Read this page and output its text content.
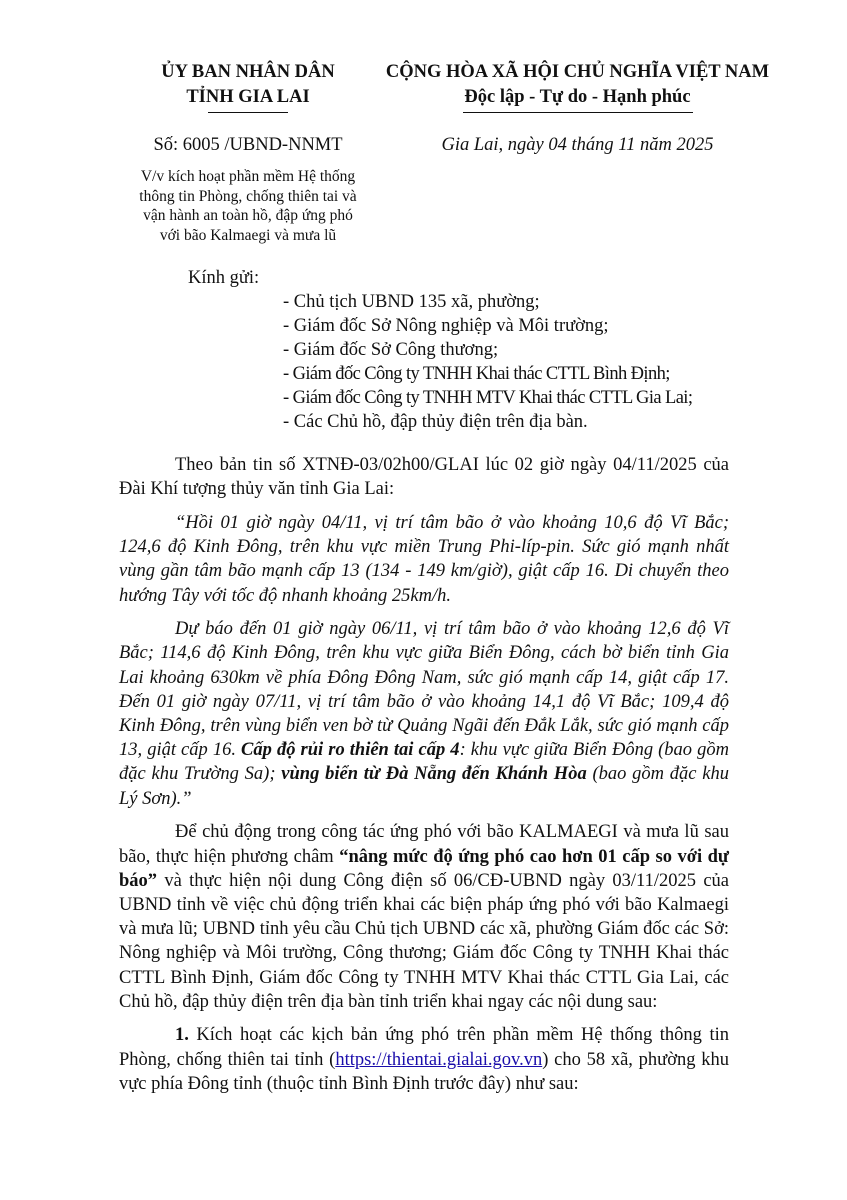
ỦY BAN NHÂN DÂN
TỈNH GIA LAI
CỘNG HÒA XÃ HỘI CHỦ NGHĨA VIỆT NAM
Độc lập - Tự do - Hạnh phúc
Số: 6005 /UBND-NNMT	Gia Lai, ngày 04 tháng 11 năm 2025
V/v kích hoạt phần mềm Hệ thống
thông tin Phòng, chống thiên tai và
vận hành an toàn hồ, đập ứng phó
với bão Kalmaegi và mưa lũ
Kính gửi:
- Chủ tịch UBND 135 xã, phường;
- Giám đốc Sở Nông nghiệp và Môi trường;
- Giám đốc Sở Công thương;
- Giám đốc Công ty TNHH Khai thác CTTL Bình Định;
- Giám đốc Công ty TNHH MTV Khai thác CTTL Gia Lai;
- Các Chủ hồ, đập thủy điện trên địa bàn.

Theo bản tin số XTNĐ-03/02h00/GLAI lúc 02 giờ ngày 04/11/2025 của Đài Khí tượng thủy văn tỉnh Gia Lai:

“Hồi 01 giờ ngày 04/11, vị trí tâm bão ở vào khoảng 10,6 độ Vĩ Bắc; 124,6 độ Kinh Đông, trên khu vực miền Trung Phi-líp-pin. Sức gió mạnh nhất vùng gần tâm bão mạnh cấp 13 (134 - 149 km/giờ), giật cấp 16. Di chuyển theo hướng Tây với tốc độ nhanh khoảng 25km/h.

Dự báo đến 01 giờ ngày 06/11, vị trí tâm bão ở vào khoảng 12,6 độ Vĩ Bắc; 114,6 độ Kinh Đông, trên khu vực giữa Biển Đông, cách bờ biển tỉnh Gia Lai khoảng 630km về phía Đông Đông Nam, sức gió mạnh cấp 14, giật cấp 17. Đến 01 giờ ngày 07/11, vị trí tâm bão ở vào khoảng 14,1 độ Vĩ Bắc; 109,4 độ Kinh Đông, trên vùng biển ven bờ từ Quảng Ngãi đến Đắk Lắk, sức gió mạnh cấp 13, giật cấp 16. Cấp độ rủi ro thiên tai cấp 4: khu vực giữa Biển Đông (bao gồm đặc khu Trường Sa); vùng biển từ Đà Nẵng đến Khánh Hòa (bao gồm đặc khu Lý Sơn).”

Để chủ động trong công tác ứng phó với bão KALMAEGI và mưa lũ sau bão, thực hiện phương châm “nâng mức độ ứng phó cao hơn 01 cấp so với dự báo” và thực hiện nội dung Công điện số 06/CĐ-UBND ngày 03/11/2025 của UBND tỉnh về việc chủ động triển khai các biện pháp ứng phó với bão Kalmaegi và mưa lũ; UBND tỉnh yêu cầu Chủ tịch UBND các xã, phường Giám đốc các Sở: Nông nghiệp và Môi trường, Công thương; Giám đốc Công ty TNHH Khai thác CTTL Bình Định, Giám đốc Công ty TNHH MTV Khai thác CTTL Gia Lai, các Chủ hồ, đập thủy điện trên địa bàn tỉnh triển khai ngay các nội dung sau:

1. Kích hoạt các kịch bản ứng phó trên phần mềm Hệ thống thông tin Phòng, chống thiên tai tỉnh (https://thientai.gialai.gov.vn) cho 58 xã, phường khu vực phía Đông tỉnh (thuộc tỉnh Bình Định trước đây) như sau:
